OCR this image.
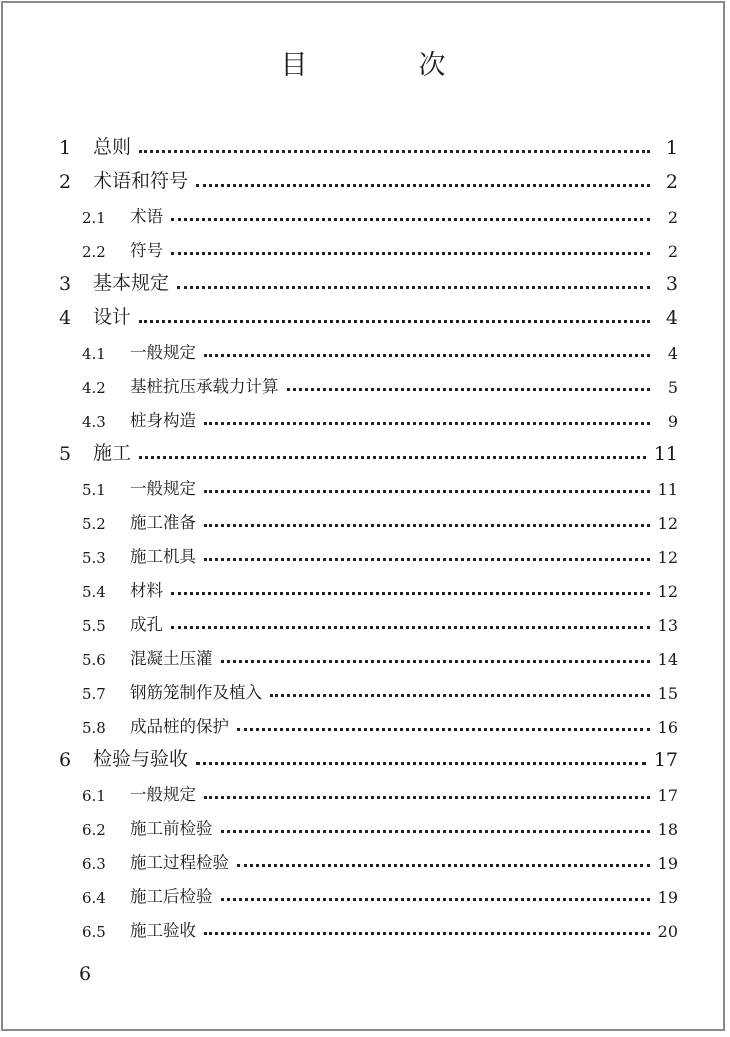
目　次
1	总则	1
2	术语和符号	2
2.1	术语	2
2.2	符号	2
3	基本规定	3
4	设计	4
4.1	一般规定	4
4.2	基桩抗压承载力计算	5
4.3	桩身构造	9
5	施工	11
5.1	一般规定	11
5.2	施工准备	12
5.3	施工机具	12
5.4	材料	12
5.5	成孔	13
5.6	混凝土压灌	14
5.7	钢筋笼制作及植入	15
5.8	成品桩的保护	16
6	检验与验收	17
6.1	一般规定	17
6.2	施工前检验	18
6.3	施工过程检验	19
6.4	施工后检验	19
6.5	施工验收	20
6
